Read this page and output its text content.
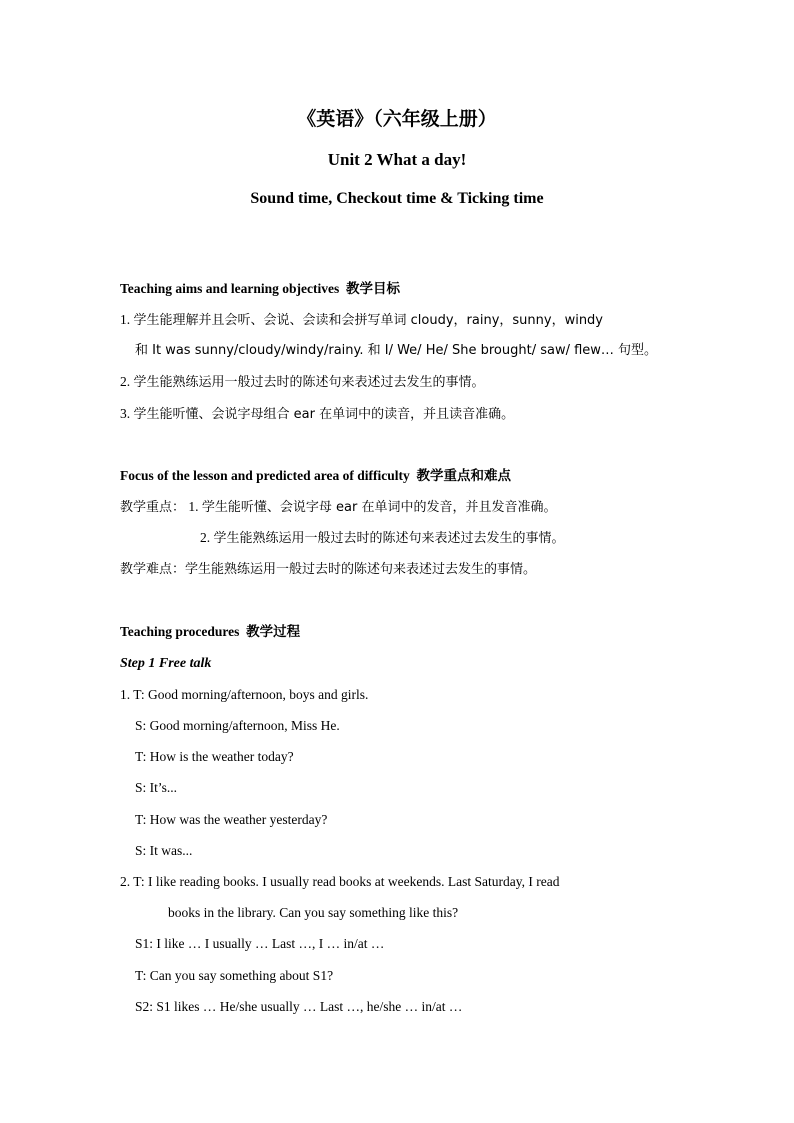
《英语》（六年级上册）
Unit 2 What a day!
Sound time, Checkout time & Ticking time
Teaching aims and learning objectives 教学目标
1. 学生能理解并且会听、会说、会读和会拼写单词 cloudy，rainy，sunny，windy
和 It was sunny/cloudy/windy/rainy. 和 I/ We/ He/ She brought/ saw/ flew… 句型。
2. 学生能熟练运用一般过去时的陈述句来表述过去发生的事情。
3. 学生能听懂、会说字母组合 ear 在单词中的读音，并且读音准确。
Focus of the lesson and predicted area of difficulty 教学重点和难点
教学重点： 1. 学生能听懂、会说字母 ear 在单词中的发音，并且发音准确。
2. 学生能熟练运用一般过去时的陈述句来表述过去发生的事情。
教学难点：学生能熟练运用一般过去时的陈述句来表述过去发生的事情。
Teaching procedures 教学过程
Step 1 Free talk
1. T: Good morning/afternoon, boys and girls.
S: Good morning/afternoon, Miss He.
T: How is the weather today?
S: It’s...
T: How was the weather yesterday?
S: It was...
2. T: I like reading books. I usually read books at weekends. Last Saturday, I read
books in the library. Can you say something like this?
S1: I like … I usually … Last …, I … in/at …
T: Can you say something about S1?
S2: S1 likes … He/she usually … Last …, he/she … in/at …
